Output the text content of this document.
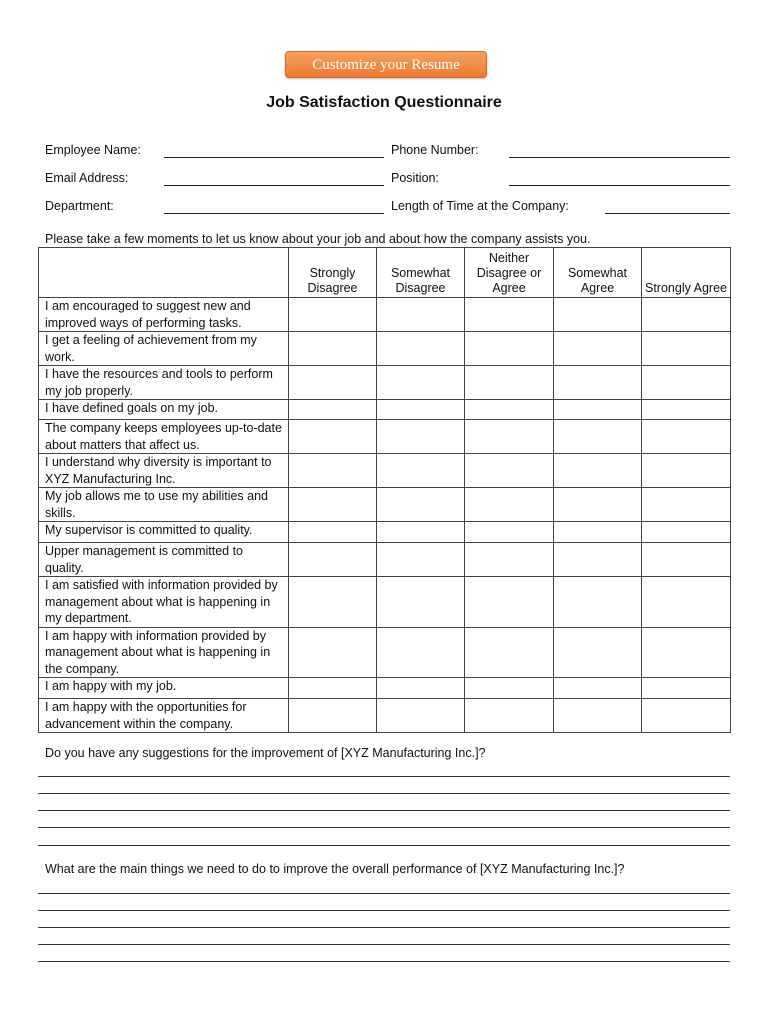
Customize your Resume
Job Satisfaction Questionnaire
Employee Name:	Phone Number:
Email Address:	Position:
Department:	Length of Time at the Company:
Please take a few moments to let us know about your job and about how the company assists you.
	Strongly Disagree	Somewhat Disagree	Neither Disagree or Agree	Somewhat Agree	Strongly Agree
I am encouraged to suggest new and improved ways of performing tasks.					
I get a feeling of achievement from my work.					
I have the resources and tools to perform my job properly.					
I have defined goals on my job.					
The company keeps employees up-to-date about matters that affect us.					
I understand why diversity is important to XYZ Manufacturing Inc.					
My job allows me to use my abilities and skills.					
My supervisor is committed to quality.					
Upper management is committed to quality.					
I am satisfied with information provided by management about what is happening in my department.					
I am happy with information provided by management about what is happening in the company.					
I am happy with my job.					
I am happy with the opportunities for advancement within the company.					
Do you have any suggestions for the improvement of [XYZ Manufacturing Inc.]?
What are the main things we need to do to improve the overall performance of [XYZ Manufacturing Inc.]?
